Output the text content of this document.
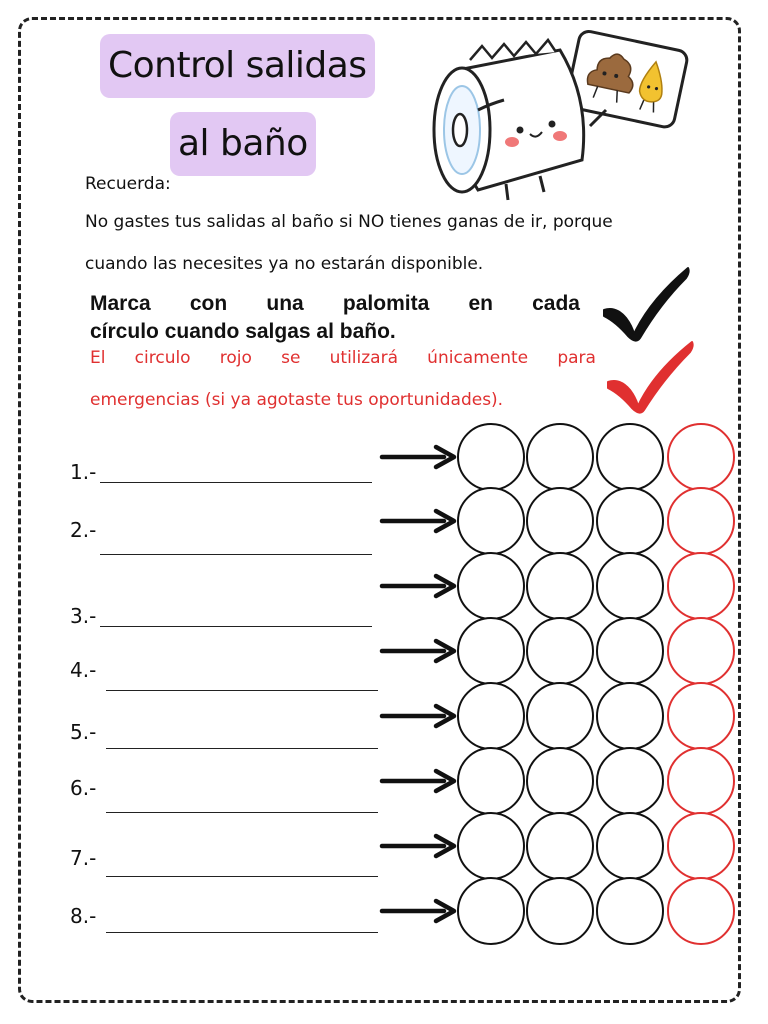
Control salidas
al baño
Recuerda:
No gastes tus salidas al baño si NO tienes ganas de ir, porque
cuando las necesites ya no estarán disponible.
Marca con una palomita en cada
círculo cuando salgas al baño.
El circulo rojo se utilizará únicamente para
emergencias (si ya agotaste tus oportunidades).
1.-
2.-
3.-
4.-
5.-
6.-
7.-
8.-
